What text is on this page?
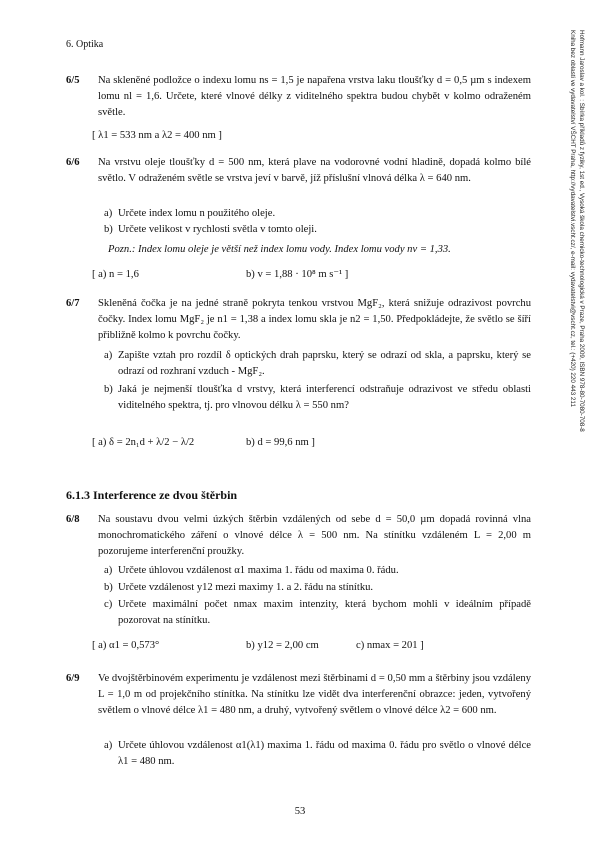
6. Optika	Hofmann Jaroslav a kol. : Sbírka příkladů z fyziky, 1st ed., Vysoká škola chemicko-technologická v Praze, Praha 2009, ISBN 978-80-7080-708-8
Kniha bez oblasti ve vydavatelství VŠCHT Praha, http://vydavatelstvi.vscht.cz/, e-mail: vydavatelstvi@vscht.cz, tel.: (+420) 220 443 211
6/5 Na skleněné podložce o indexu lomu ns = 1,5 je napařena vrstva laku tloušťky d = 0,5 µm s indexem lomu nl = 1,6. Určete, které vlnové délky z viditelného spektra budou chybět v kolmo odraženém světle.
[ λ1 = 533 nm a λ2 = 400 nm ]
6/6 Na vrstvu oleje tloušťky d = 500 nm, která plave na vodorovné vodní hladině, dopadá kolmo bílé světlo. V odraženém světle se vrstva jeví v barvě, jíž příslušní vlnová délka λ = 640 nm.
a) Určete index lomu n použitého oleje.
b) Určete velikost v rychlosti světla v tomto oleji.
Pozn.: Index lomu oleje je větší než index lomu vody. Index lomu vody nv = 1,33.
[ a) n = 1,6	b) v = 1,88 · 10⁸ m s⁻¹ ]
6/7 Skleněná čočka je na jedné straně pokryta tenkou vrstvou MgF₂, která snižuje odrazivost povrchu čočky. Index lomu MgF₂ je n1 = 1,38 a index lomu skla je n2 = 1,50. Předpokládejte, že světlo se šíří přibližně kolmo k povrchu čočky.
a) Zapište vztah pro rozdíl δ optických drah paprsku, který se odrazí od skla, a paprsku, který se odrazí od rozhraní vzduch - MgF₂.
b) Jaká je nejmenší tloušťka d vrstvy, která interferencí odstraňuje odrazivost ve středu oblasti viditelného spektra, tj. pro vlnovou délku λ = 550 nm?
[ a) δ = 2n₁d + λ/2 − λ/2	b) d = 99,6 nm ]
6.1.3 Interference ze dvou štěrbin
6/8 Na soustavu dvou velmi úzkých štěrbin vzdálených od sebe d = 50,0 µm dopadá rovinná vlna monochromatického záření o vlnové délce λ = 500 nm. Na stínítku vzdáleném L = 2,00 m pozorujeme interferenční proužky.
a) Určete úhlovou vzdálenost α1 maxima 1. řádu od maxima 0. řádu.
b) Určete vzdálenost y12 mezi maximy 1. a 2. řádu na stínítku.
c) Určete maximální počet nmax maxim intenzity, která bychom mohli v ideálním případě pozorovat na stínítku.
[ a) α1 = 0,573°	b) y12 = 2,00 cm	c) nmax = 201 ]
6/9 Ve dvojštěrbinovém experimentu je vzdálenost mezi štěrbinami d = 0,50 mm a štěrbiny jsou vzdáleny L = 1,0 m od projekčního stínítka. Na stínítku lze vidět dva interferenční obrazce: jeden, vytvořený světlem o vlnové délce λ1 = 480 nm, a druhý, vytvořený světlem o vlnové délce λ2 = 600 nm.
a) Určete úhlovou vzdálenost α1(λ1) maxima 1. řádu od maxima 0. řádu pro světlo o vlnové délce λ1 = 480 nm.
53
